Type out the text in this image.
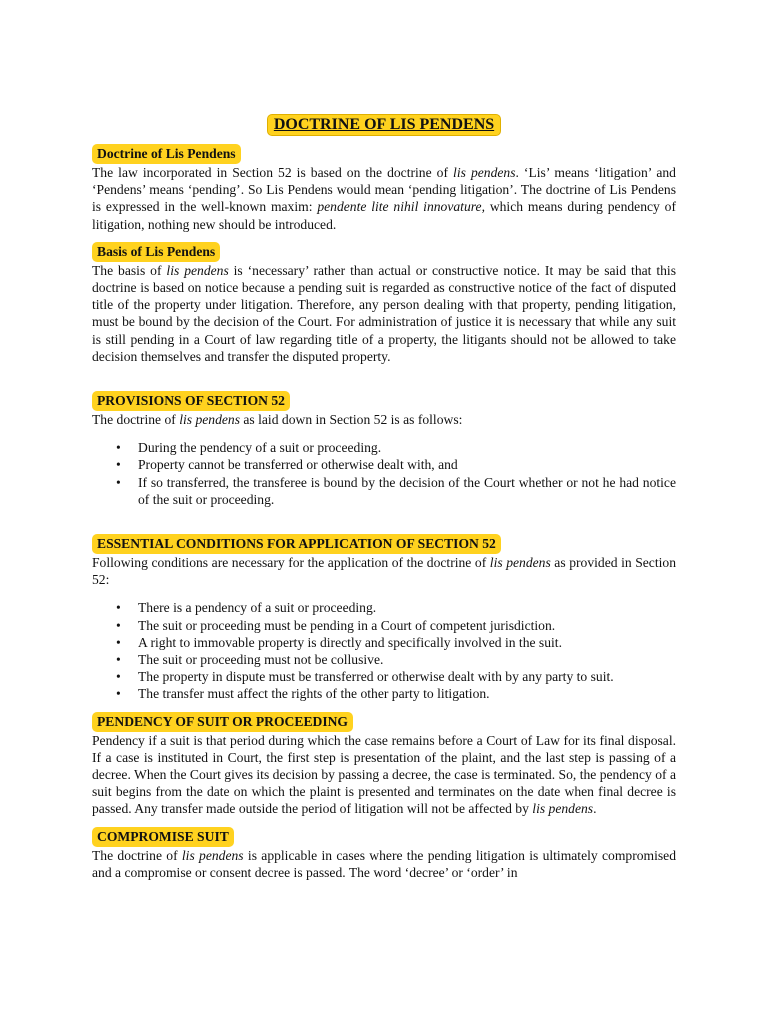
DOCTRINE OF LIS PENDENS
Doctrine of Lis Pendens

The law incorporated in Section 52 is based on the doctrine of lis pendens. ‘Lis’ means ‘litigation’ and ‘Pendens’ means ‘pending’. So Lis Pendens would mean ‘pending litigation’. The doctrine of Lis Pendens is expressed in the well-known maxim: pendente lite nihil innovature, which means during pendency of litigation, nothing new should be introduced.

Basis of Lis Pendens

The basis of lis pendens is ‘necessary’ rather than actual or constructive notice. It may be said that this doctrine is based on notice because a pending suit is regarded as constructive notice of the fact of disputed title of the property under litigation. Therefore, any person dealing with that property, pending litigation, must be bound by the decision of the Court. For administration of justice it is necessary that while any suit is still pending in a Court of law regarding title of a property, the litigants should not be allowed to take decision themselves and transfer the disputed property.

PROVISIONS OF SECTION 52

The doctrine of lis pendens as laid down in Section 52 is as follows:

• During the pendency of a suit or proceeding.
• Property cannot be transferred or otherwise dealt with, and
• If so transferred, the transferee is bound by the decision of the Court whether or not he had notice of the suit or proceeding.
ESSENTIAL CONDITIONS FOR APPLICATION OF SECTION 52

Following conditions are necessary for the application of the doctrine of lis pendens as provided in Section 52:

• There is a pendency of a suit or proceeding.
• The suit or proceeding must be pending in a Court of competent jurisdiction.
• A right to immovable property is directly and specifically involved in the suit.
• The suit or proceeding must not be collusive.
• The property in dispute must be transferred or otherwise dealt with by any party to suit.
• The transfer must affect the rights of the other party to litigation.
PENDENCY OF SUIT OR PROCEEDING

Pendency if a suit is that period during which the case remains before a Court of Law for its final disposal. If a case is instituted in Court, the first step is presentation of the plaint, and the last step is passing of a decree. When the Court gives its decision by passing a decree, the case is terminated. So, the pendency of a suit begins from the date on which the plaint is presented and terminates on the date when final decree is passed. Any transfer made outside the period of litigation will not be affected by lis pendens.

COMPROMISE SUIT

The doctrine of lis pendens is applicable in cases where the pending litigation is ultimately compromised and a compromise or consent decree is passed. The word ‘decree’ or ‘order’ in
